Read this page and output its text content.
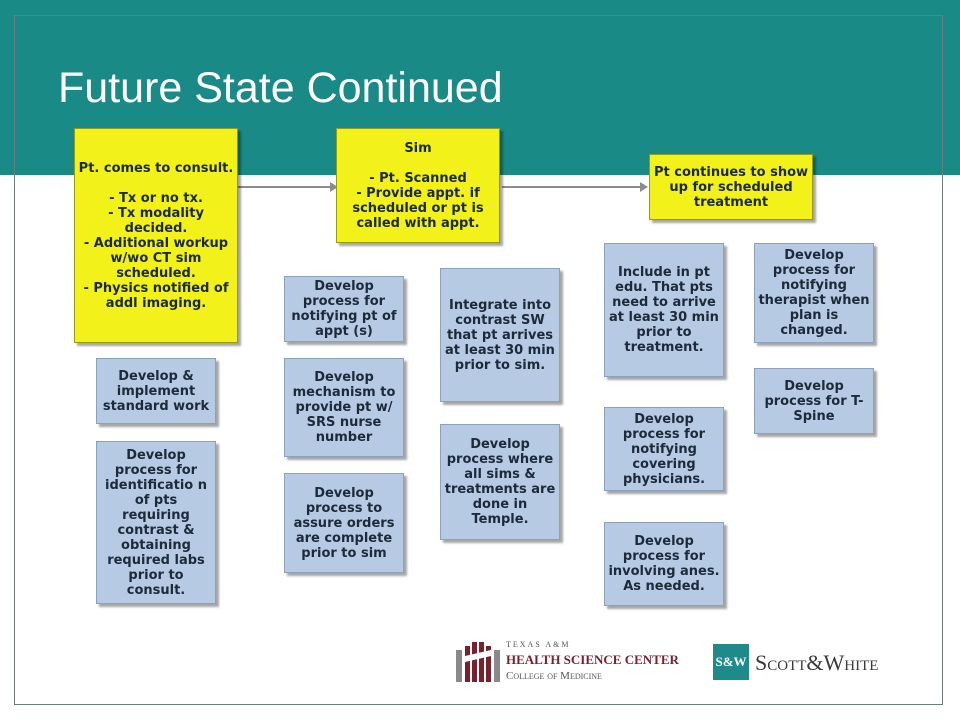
Future State Continued
Pt. comes to consult.

- Tx or no tx.
- Tx modality decided.
- Additional workup w/wo CT sim scheduled.
- Physics notified of addl imaging.
Sim

- Pt. Scanned
- Provide appt. if scheduled or pt is called with appt.
Pt continues to show up for scheduled treatment
Develop & implement standard work
Develop process for identificatio n of pts requiring contrast & obtaining required labs prior to consult.
Develop process for notifying pt of appt (s)
Develop mechanism to provide pt w/ SRS nurse number
Develop process to assure orders are complete prior to sim
Integrate into contrast SW that pt arrives at least 30 min prior to sim.
Develop process where all sims & treatments are done in Temple.
Include in pt edu. That pts need to arrive at least 30 min prior to treatment.
Develop process for notifying covering physicians.
Develop process for involving anes. As needed.
Develop process for notifying therapist when plan is changed.
Develop process for T-Spine
TEXAS A&M
HEALTH SCIENCE CENTER
College of Medicine
S&W Scott&White
